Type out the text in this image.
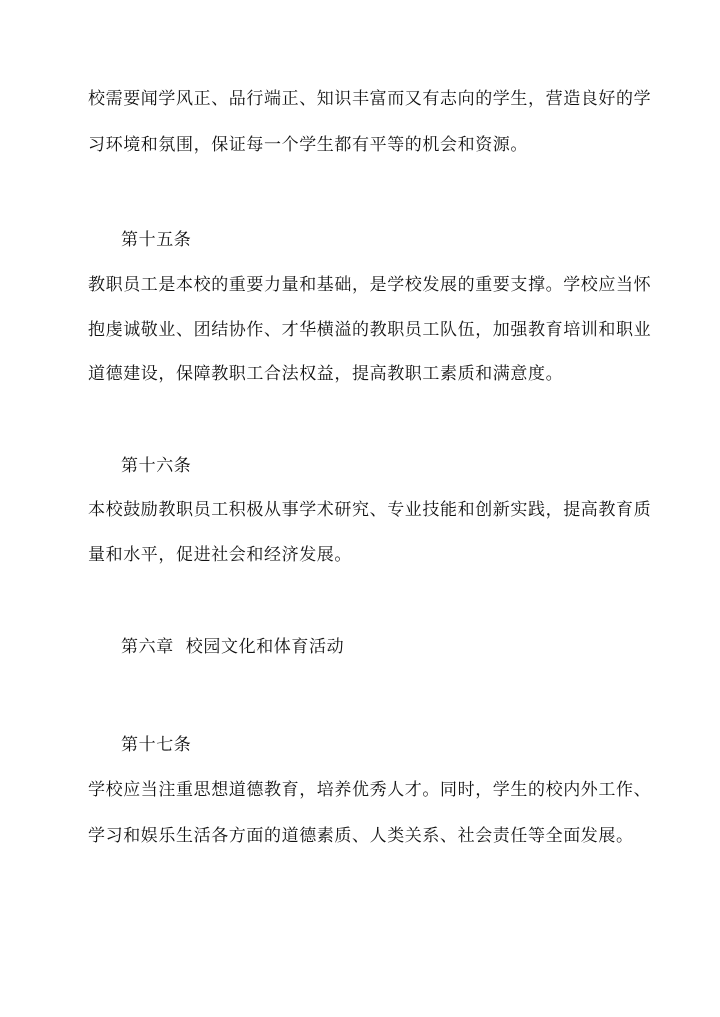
校需要闻学风正、品行端正、知识丰富而又有志向的学生，营造良好的学
习环境和氛围，保证每一个学生都有平等的机会和资源。
第十五条
教职员工是本校的重要力量和基础，是学校发展的重要支撑。学校应当怀
抱虔诚敬业、团结协作、才华横溢的教职员工队伍，加强教育培训和职业
道德建设，保障教职工合法权益，提高教职工素质和满意度。
第十六条
本校鼓励教职员工积极从事学术研究、专业技能和创新实践，提高教育质
量和水平，促进社会和经济发展。
第六章  校园文化和体育活动
第十七条
学校应当注重思想道德教育，培养优秀人才。同时，学生的校内外工作、
学习和娱乐生活各方面的道德素质、人类关系、社会责任等全面发展。
